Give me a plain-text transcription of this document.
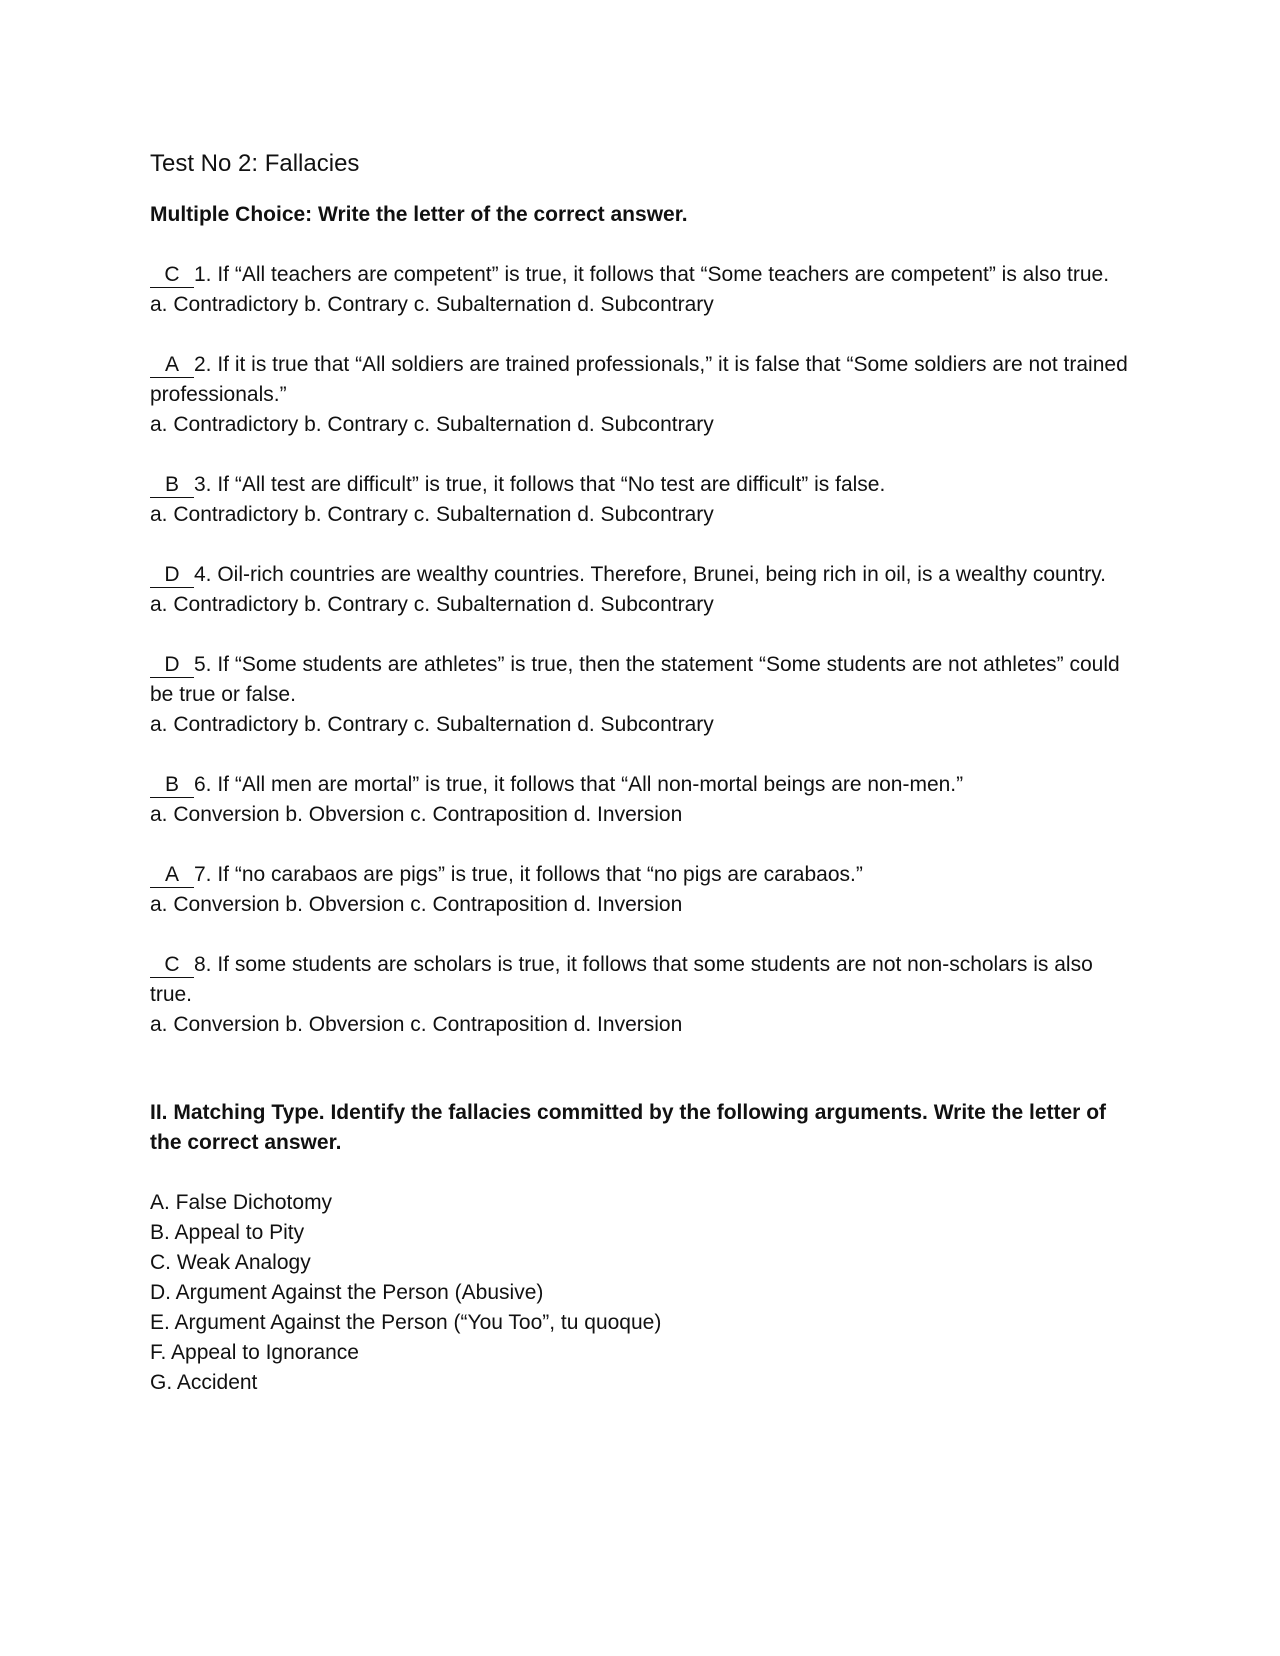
Test No 2: Fallacies

Multiple Choice: Write the letter of the correct answer.

C 1. If “All teachers are competent” is true, it follows that “Some teachers are competent” is also true.

a. Contradictory b. Contrary c. Subalternation d. Subcontrary

A 2. If it is true that “All soldiers are trained professionals,” it is false that “Some soldiers are not trained professionals.”

a. Contradictory b. Contrary c. Subalternation d. Subcontrary

B 3. If “All test are difficult” is true, it follows that “No test are difficult” is false.

a. Contradictory b. Contrary c. Subalternation d. Subcontrary

D 4. Oil-rich countries are wealthy countries. Therefore, Brunei, being rich in oil, is a wealthy country.

a. Contradictory b. Contrary c. Subalternation d. Subcontrary

D 5. If “Some students are athletes” is true, then the statement “Some students are not athletes” could be true or false.

a. Contradictory b. Contrary c. Subalternation d. Subcontrary

B 6. If “All men are mortal” is true, it follows that “All non-mortal beings are non-men.”

a. Conversion b. Obversion c. Contraposition d. Inversion

A 7. If “no carabaos are pigs” is true, it follows that “no pigs are carabaos.”

a. Conversion b. Obversion c. Contraposition d. Inversion

C 8. If some students are scholars is true, it follows that some students are not non-scholars is also true.

a. Conversion b. Obversion c. Contraposition d. Inversion

II. Matching Type. Identify the fallacies committed by the following arguments. Write the letter of the correct answer.

A. False Dichotomy
B. Appeal to Pity
C. Weak Analogy
D. Argument Against the Person (Abusive)
E. Argument Against the Person (“You Too”, tu quoque)
F. Appeal to Ignorance
G. Accident
